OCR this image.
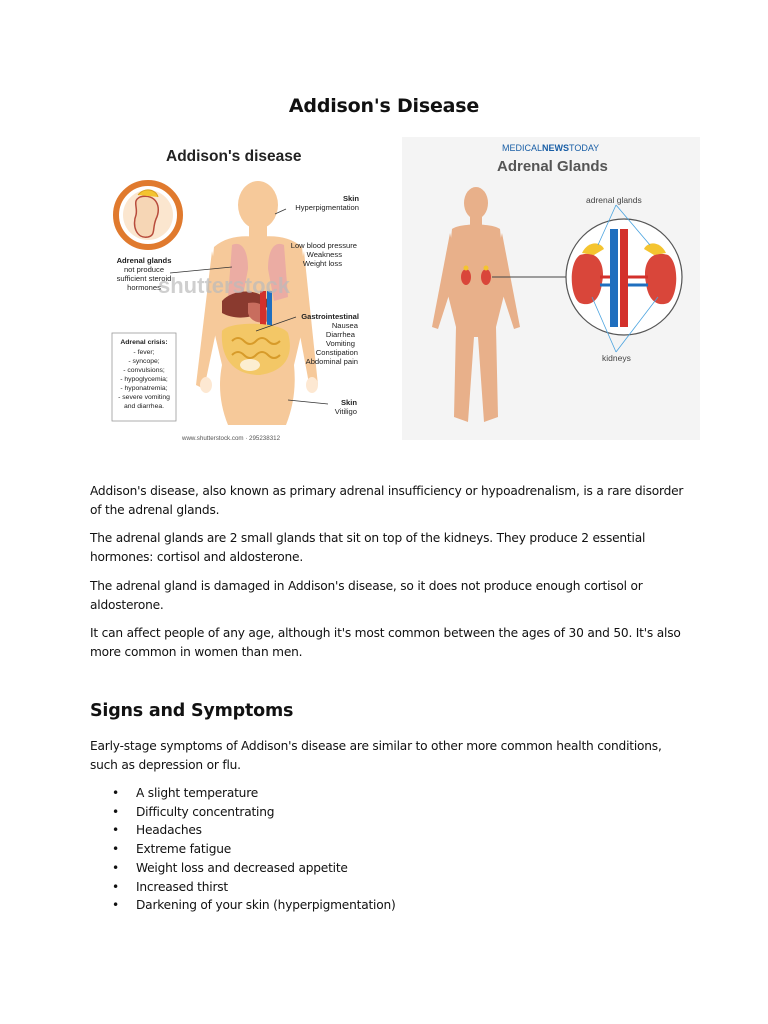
Addison's Disease
Addison's disease
shutterstock
Skin
Hyperpigmentation
Low blood pressure
Weakness
Weight loss
Gastrointestinal
Nausea
Diarrhea
Vomiting
Constipation
Abdominal pain
Skin
Vitiligo
Adrenal glands
not produce
sufficient steroid
hormones
Adrenal crisis:
- fever;
- syncope;
- convulsions;
- hypoglycemia;
- hyponatremia;
- severe vomiting
and diarrhea.
www.shutterstock.com · 295238312
MEDICALNEWSTODAY
Adrenal Glands
adrenal glands
kidneys
Addison's disease, also known as primary adrenal insufficiency or hypoadrenalism, is a rare disorder of the adrenal glands.
The adrenal glands are 2 small glands that sit on top of the kidneys. They produce 2 essential hormones: cortisol and aldosterone.
The adrenal gland is damaged in Addison's disease, so it does not produce enough cortisol or aldosterone.
It can affect people of any age, although it's most common between the ages of 30 and 50. It's also more common in women than men.
Signs and Symptoms
Early-stage symptoms of Addison's disease are similar to other more common health conditions, such as depression or flu.
• A slight temperature
• Difficulty concentrating
• Headaches
• Extreme fatigue
• Weight loss and decreased appetite
• Increased thirst
• Darkening of your skin (hyperpigmentation)
